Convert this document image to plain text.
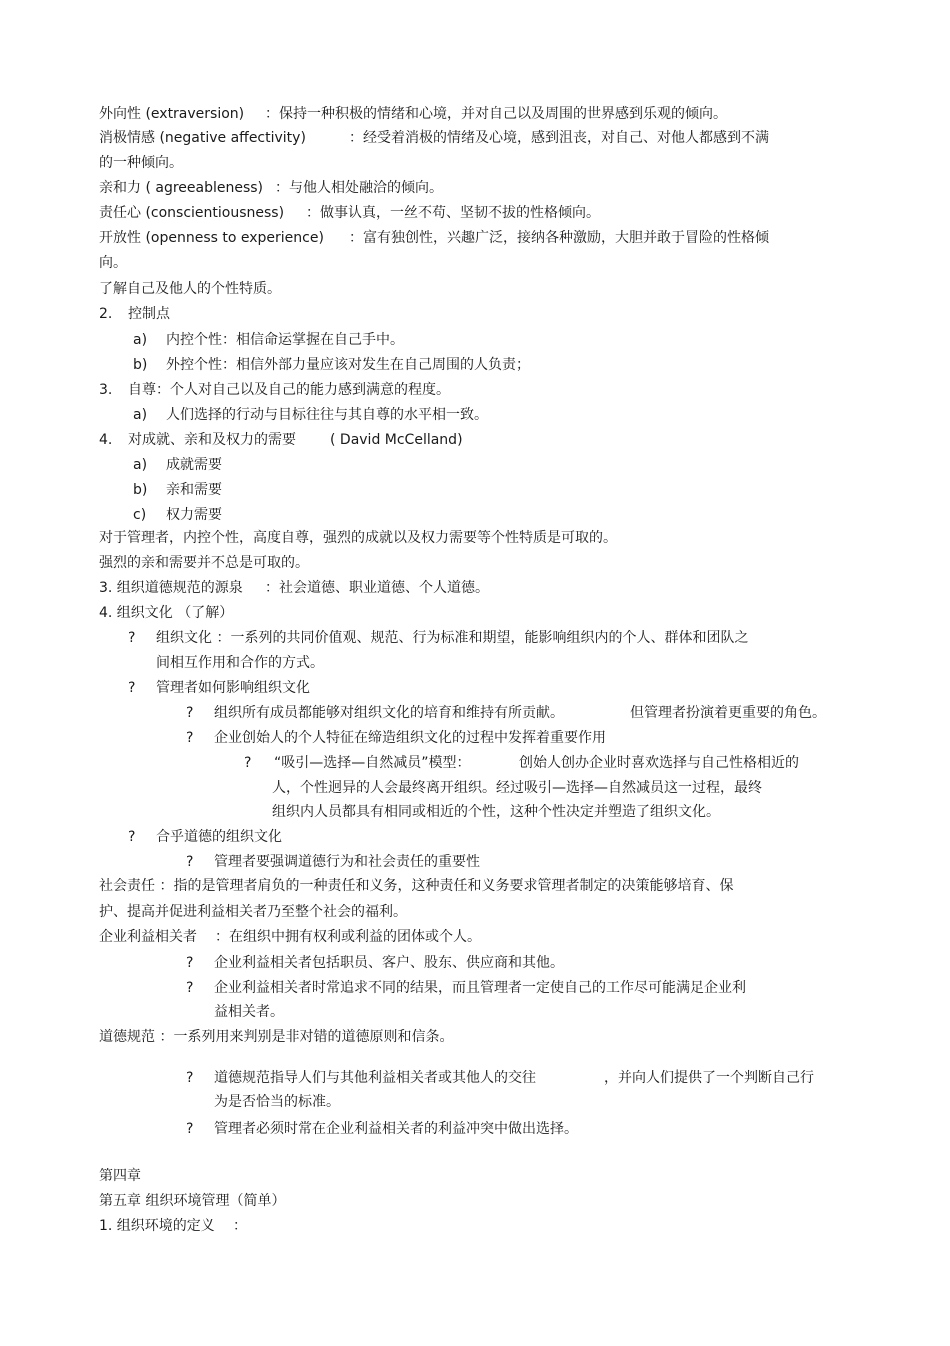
外向性 (extraversion) ：保持一种积极的情绪和心境，并对自己以及周围的世界感到乐观的倾向。
消极情感 (negative affectivity)	：经受着消极的情绪及心境，感到沮丧，对自己、对他人都感到不满
的一种倾向。
亲和力 ( agreeableness) ：与他人相处融洽的倾向。
责任心 (conscientiousness) ：做事认真，一丝不苟、坚韧不拔的性格倾向。
开放性 (openness to experience) ：富有独创性，兴趣广泛，接纳各种激励，大胆并敢于冒险的性格倾
向。
了解自己及他人的个性特质。
2. 控制点
a) 内控个性：相信命运掌握在自己手中。
b) 外控个性：相信外部力量应该对发生在自己周围的人负责；
3. 自尊：个人对自己以及自己的能力感到满意的程度。
a) 人们选择的行动与目标往往与其自尊的水平相一致。
4. 对成就、亲和及权力的需要 ( David McCelland)
a) 成就需要
b) 亲和需要
c) 权力需要
对于管理者，内控个性，高度自尊，强烈的成就以及权力需要等个性特质是可取的。
强烈的亲和需要并不总是可取的。
3. 组织道德规范的源泉 ：社会道德、职业道德、个人道德。
4. 组织文化 （了解）
? 组织文化 ：一系列的共同价值观、规范、行为标准和期望，能影响组织内的个人、群体和团队之
间相互作用和合作的方式。
? 管理者如何影响组织文化
? 组织所有成员都能够对组织文化的培育和维持有所贡献。	但管理者扮演着更重要的角色。
? 企业创始人的个人特征在缔造组织文化的过程中发挥着重要作用
? “吸引—选择—自然减员”模型：	创始人创办企业时喜欢选择与自己性格相近的
人，个性迥异的人会最终离开组织。经过吸引—选择—自然减员这一过程，最终
组织内人员都具有相同或相近的个性，这种个性决定并塑造了组织文化。
? 合乎道德的组织文化
? 管理者要强调道德行为和社会责任的重要性
社会责任 ：指的是管理者肩负的一种责任和义务，这种责任和义务要求管理者制定的决策能够培育、保
护、提高并促进利益相关者乃至整个社会的福利。
企业利益相关者 ：在组织中拥有权利或利益的团体或个人。
? 企业利益相关者包括职员、客户、股东、供应商和其他。
? 企业利益相关者时常追求不同的结果，而且管理者一定使自己的工作尽可能满足企业利
益相关者。
道德规范 ：一系列用来判别是非对错的道德原则和信条。
? 道德规范指导人们与其他利益相关者或其他人的交往	，并向人们提供了一个判断自己行
为是否恰当的标准。
? 管理者必须时常在企业利益相关者的利益冲突中做出选择。
第四章
第五章 组织环境管理（简单）
1. 组织环境的定义 ：
